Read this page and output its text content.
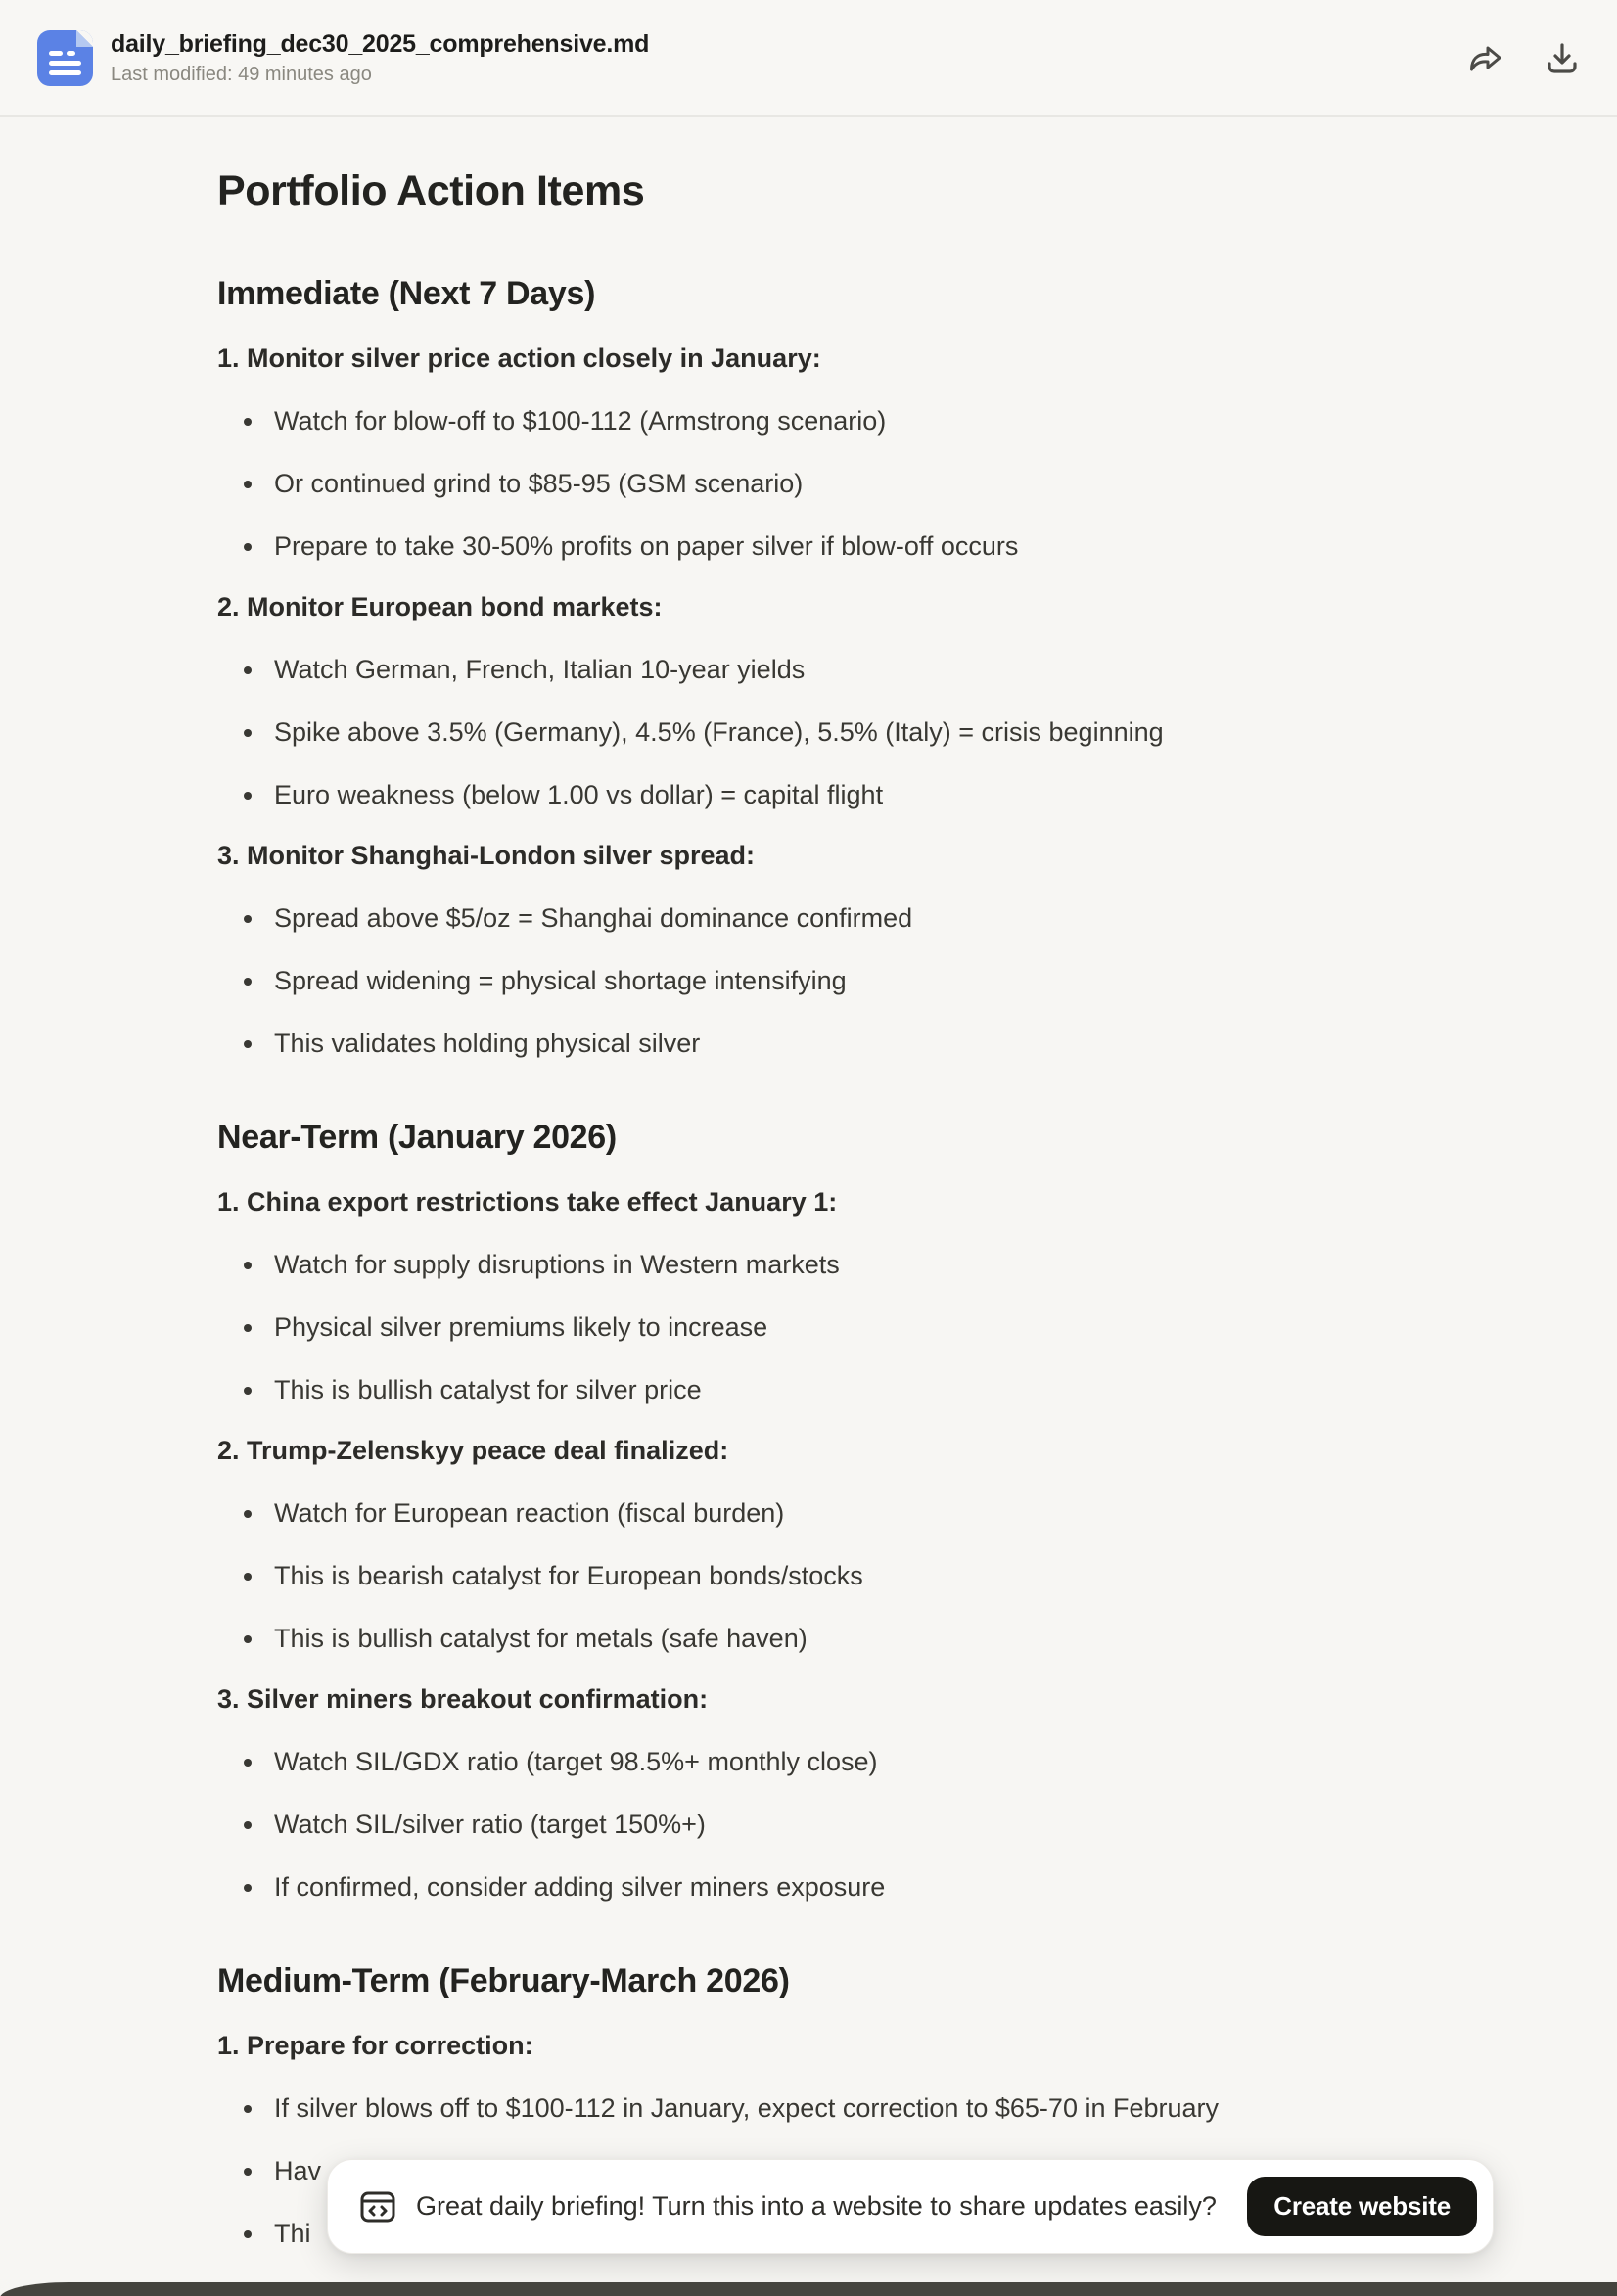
daily_briefing_dec30_2025_comprehensive.md
Last modified: 49 minutes ago
Portfolio Action Items
Immediate (Next 7 Days)

1. Monitor silver price action closely in January:

Watch for blow-off to $100-112 (Armstrong scenario)
Or continued grind to $85-95 (GSM scenario)
Prepare to take 30-50% profits on paper silver if blow-off occurs

2. Monitor European bond markets:

Watch German, French, Italian 10-year yields
Spike above 3.5% (Germany), 4.5% (France), 5.5% (Italy) = crisis beginning
Euro weakness (below 1.00 vs dollar) = capital flight

3. Monitor Shanghai-London silver spread:

Spread above $5/oz = Shanghai dominance confirmed
Spread widening = physical shortage intensifying
This validates holding physical silver
Near-Term (January 2026)

1. China export restrictions take effect January 1:

Watch for supply disruptions in Western markets
Physical silver premiums likely to increase
This is bullish catalyst for silver price

2. Trump-Zelenskyy peace deal finalized:

Watch for European reaction (fiscal burden)
This is bearish catalyst for European bonds/stocks
This is bullish catalyst for metals (safe haven)

3. Silver miners breakout confirmation:

Watch SIL/GDX ratio (target 98.5%+ monthly close)
Watch SIL/silver ratio (target 150%+)
If confirmed, consider adding silver miners exposure
Medium-Term (February-March 2026)

1. Prepare for correction:

If silver blows off to $100-112 in January, expect correction to $65-70 in February
Hav
Thi

Great daily briefing! Turn this into a website to share updates easily?	Create website
